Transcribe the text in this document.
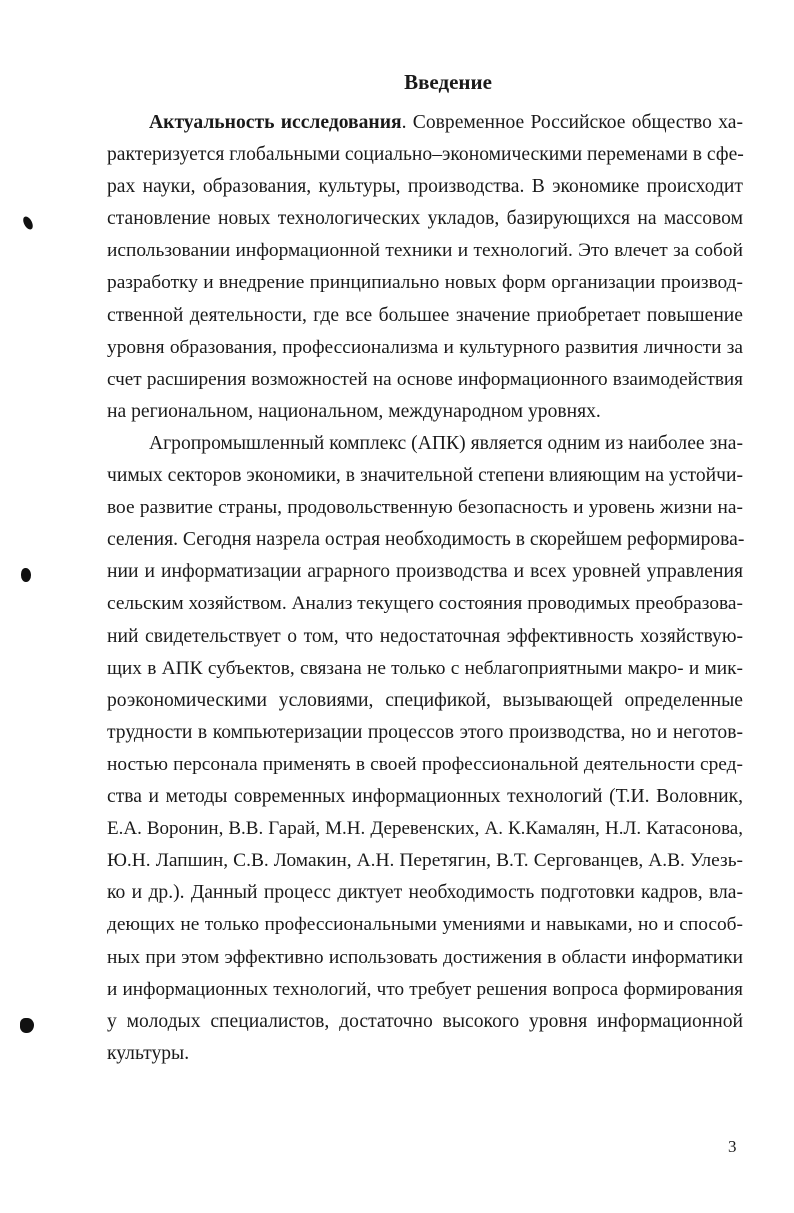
Введение
Актуальность исследования. Современное Российское общество ха-
рактеризуется глобальными социально–экономическими переменами в сфе-
рах науки, образования, культуры, производства. В экономике происходит
становление новых технологических укладов, базирующихся на массовом
использовании информационной техники и технологий. Это влечет за собой
разработку и внедрение принципиально новых форм организации производ-
ственной деятельности, где все большее значение приобретает повышение
уровня образования, профессионализма и культурного развития личности за
счет расширения возможностей на основе информационного взаимодействия
на региональном, национальном, международном уровнях.
Агропромышленный комплекс (АПК) является одним из наиболее зна-
чимых секторов экономики, в значительной степени влияющим на устойчи-
вое развитие страны, продовольственную безопасность и уровень жизни на-
селения. Сегодня назрела острая необходимость в скорейшем реформирова-
нии и информатизации аграрного производства и всех уровней управления
сельским хозяйством. Анализ текущего состояния проводимых преобразова-
ний свидетельствует о том, что недостаточная эффективность хозяйствую-
щих в АПК субъектов, связана не только с неблагоприятными макро- и мик-
роэкономическими условиями, спецификой, вызывающей определенные
трудности в компьютеризации процессов этого производства, но и неготов-
ностью персонала применять в своей профессиональной деятельности сред-
ства и методы современных информационных технологий (Т.И. Воловник,
Е.А. Воронин, В.В. Гарай, М.Н. Деревенских, А. К.Камалян, Н.Л. Катасонова,
Ю.Н. Лапшин, С.В. Ломакин, А.Н. Перетягин, В.Т. Сергованцев, А.В. Улезь-
ко и др.). Данный процесс диктует необходимость подготовки кадров, вла-
деющих не только профессиональными умениями и навыками, но и способ-
ных при этом эффективно использовать достижения в области информатики
и информационных технологий, что требует решения вопроса формирования
у молодых специалистов, достаточно высокого уровня информационной
культуры.
3
